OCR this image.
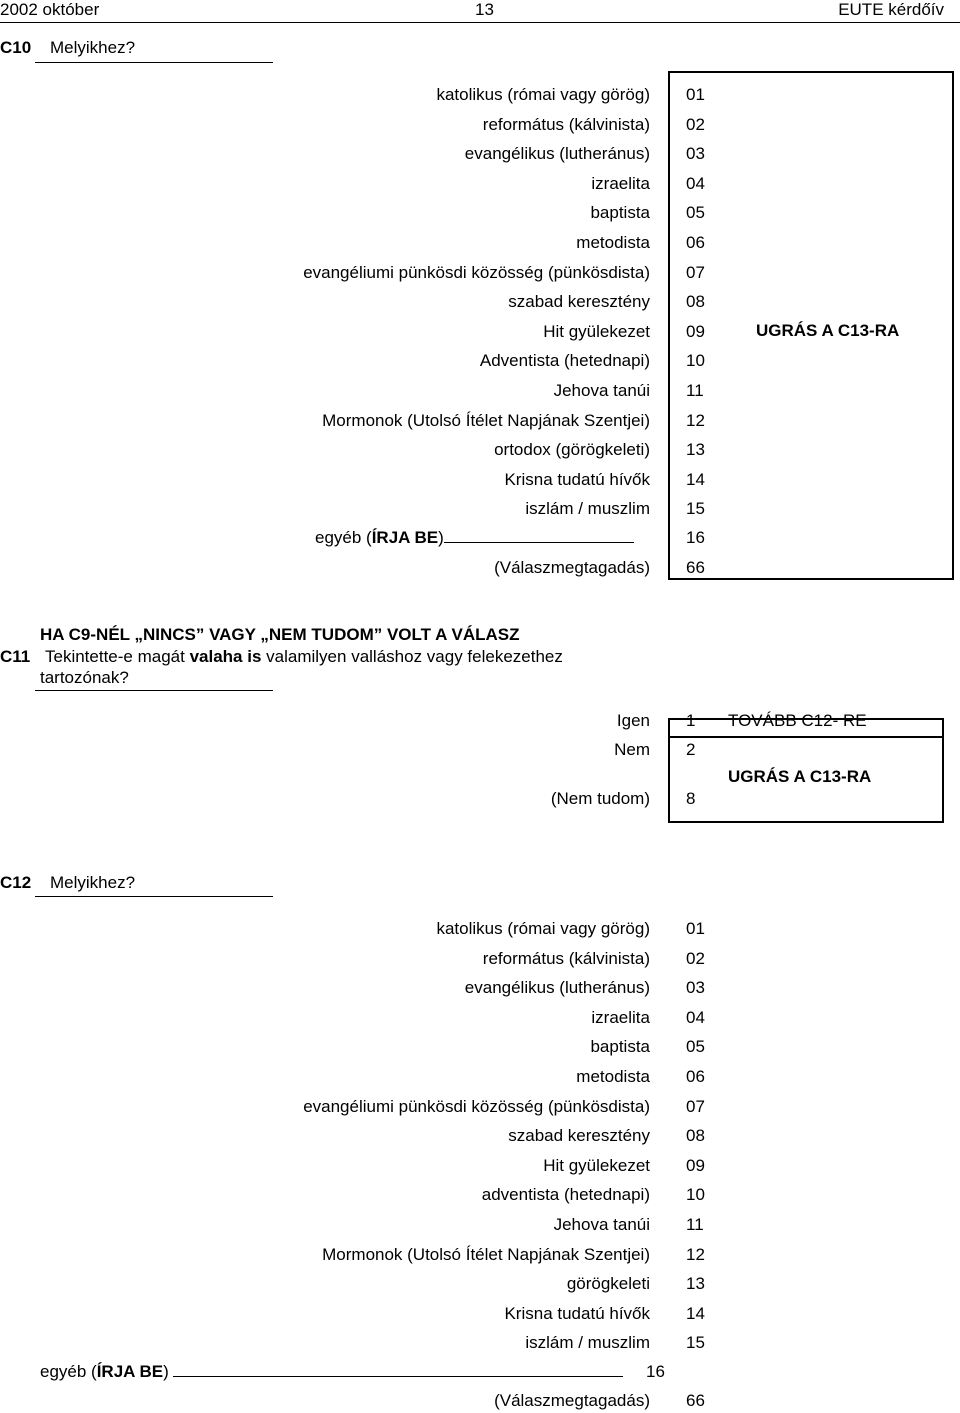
2002 október	13	EUTE kérdőív
C10 Melyikhez?
katolikus (római vagy görög) 01
református (kálvinista) 02
evangélikus (lutheránus) 03
izraelita 04
baptista 05
metodista 06
evangéliumi pünkösdi közösség (pünkösdista) 07
szabad keresztény 08
Hit gyülekezet 09
Adventista (hetednapi) 10
Jehova tanúi 11
Mormonok (Utolsó Ítélet Napjának Szentjei) 12
ortodox (görögkeleti) 13
Krisna tudatú hívők 14
iszlám / muszlim 15
egyéb (ÍRJA BE)	16
(Válaszmegtagadás) 66
UGRÁS A C13-RA
HA C9-NÉL „NINCS” VAGY „NEM TUDOM” VOLT A VÁLASZ
C11 Tekintette-e magát valaha is valamilyen valláshoz vagy felekezethez
tartozónak?
Igen 1 TOVÁBB C12- RE
Nem 2
UGRÁS A C13-RA
(Nem tudom) 8
C12 Melyikhez?
katolikus (római vagy görög) 01
református (kálvinista) 02
evangélikus (lutheránus) 03
izraelita 04
baptista 05
metodista 06
evangéliumi pünkösdi közösség (pünkösdista) 07
szabad keresztény 08
Hit gyülekezet 09
adventista (hetednapi) 10
Jehova tanúi 11
Mormonok (Utolsó Ítélet Napjának Szentjei) 12
görögkeleti 13
Krisna tudatú hívők 14
iszlám / muszlim 15
egyéb (ÍRJA BE)	16
(Válaszmegtagadás) 66
